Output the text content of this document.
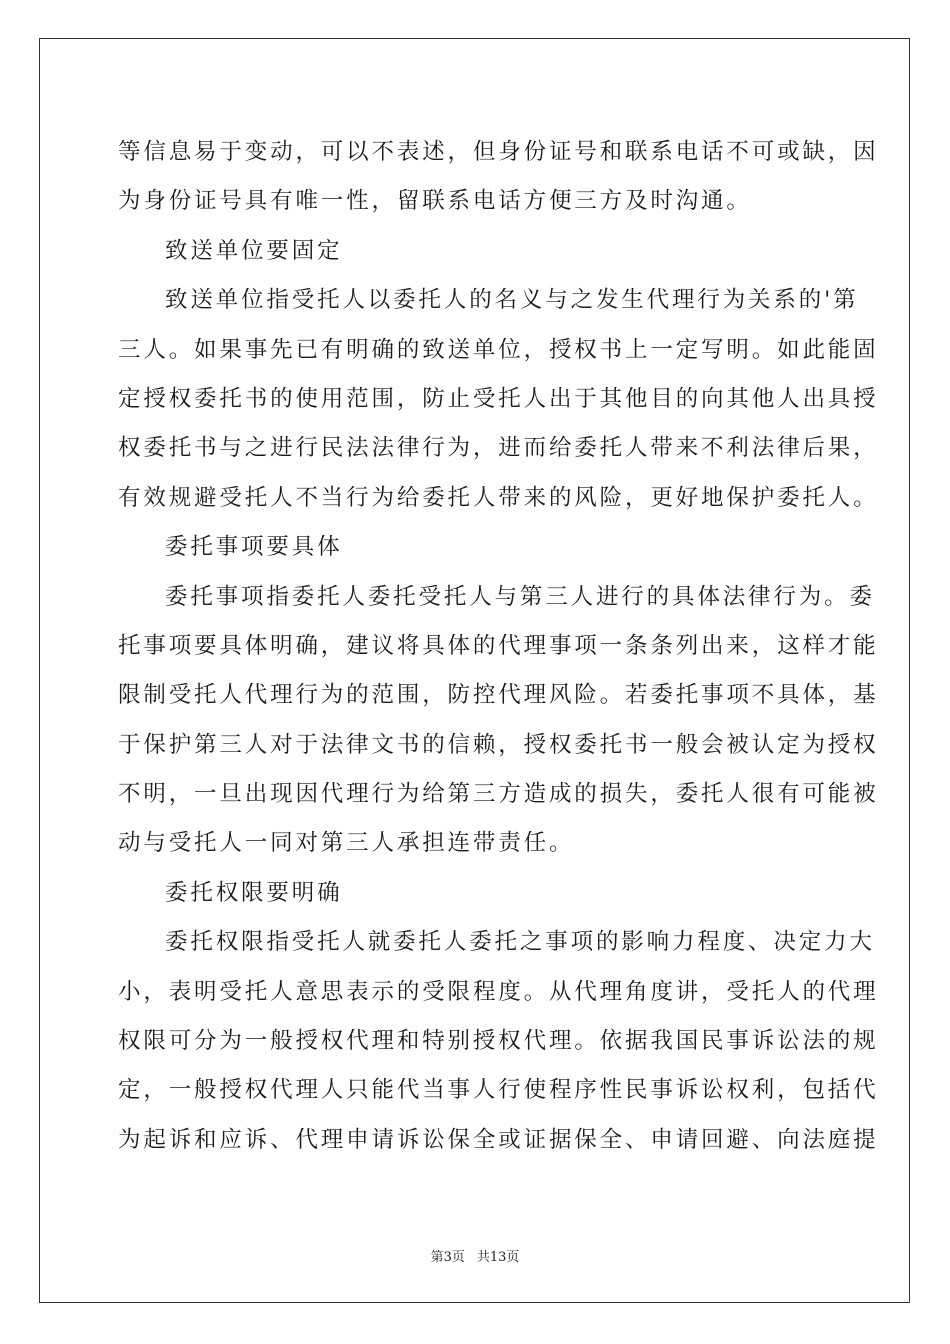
等信息易于变动，可以不表述，但身份证号和联系电话不可或缺，因
为身份证号具有唯一性，留联系电话方便三方及时沟通。
致送单位要固定
致送单位指受托人以委托人的名义与之发生代理行为关系的'第
三人。如果事先已有明确的致送单位，授权书上一定写明。如此能固
定授权委托书的使用范围，防止受托人出于其他目的向其他人出具授
权委托书与之进行民法法律行为，进而给委托人带来不利法律后果，
有效规避受托人不当行为给委托人带来的风险，更好地保护委托人。
委托事项要具体
委托事项指委托人委托受托人与第三人进行的具体法律行为。委
托事项要具体明确，建议将具体的代理事项一条条列出来，这样才能
限制受托人代理行为的范围，防控代理风险。若委托事项不具体，基
于保护第三人对于法律文书的信赖，授权委托书一般会被认定为授权
不明，一旦出现因代理行为给第三方造成的损失，委托人很有可能被
动与受托人一同对第三人承担连带责任。
委托权限要明确
委托权限指受托人就委托人委托之事项的影响力程度、决定力大
小，表明受托人意思表示的受限程度。从代理角度讲，受托人的代理
权限可分为一般授权代理和特别授权代理。依据我国民事诉讼法的规
定，一般授权代理人只能代当事人行使程序性民事诉讼权利，包括代
为起诉和应诉、代理申请诉讼保全或证据保全、申请回避、向法庭提
第3页 共13页
